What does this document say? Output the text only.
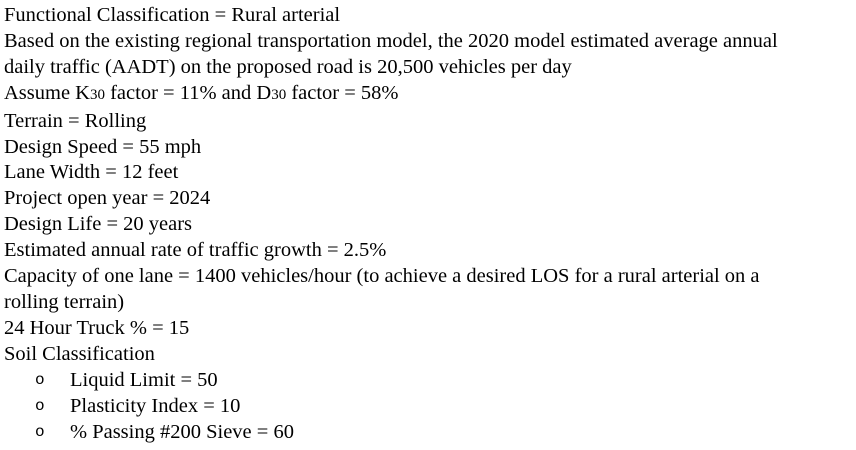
Functional Classification = Rural arterial
Based on the existing regional transportation model, the 2020 model estimated average annual
daily traffic (AADT) on the proposed road is 20,500 vehicles per day
Assume K30 factor = 11% and D30 factor = 58%
Terrain = Rolling
Design Speed = 55 mph
Lane Width = 12 feet
Project open year = 2024
Design Life = 20 years
Estimated annual rate of traffic growth = 2.5%
Capacity of one lane = 1400 vehicles/hour (to achieve a desired LOS for a rural arterial on a
rolling terrain)
24 Hour Truck % = 15
Soil Classification
o Liquid Limit = 50
o Plasticity Index = 10
o % Passing #200 Sieve = 60
